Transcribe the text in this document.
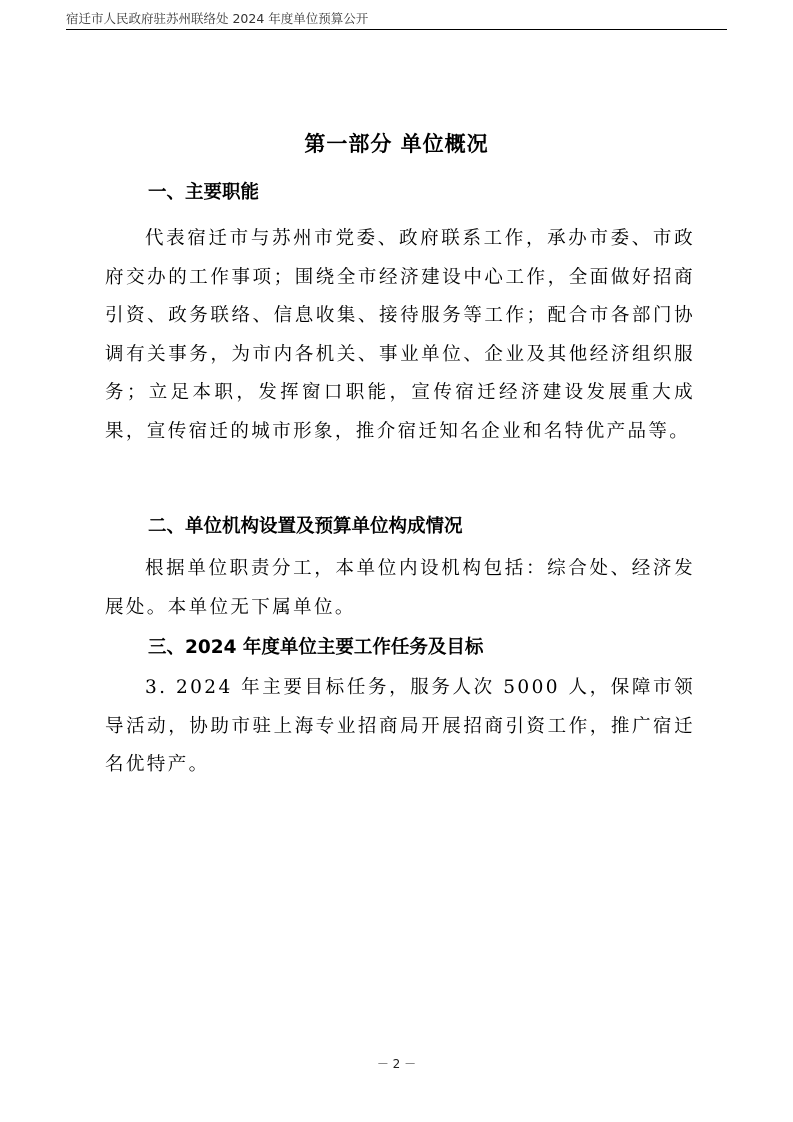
宿迁市人民政府驻苏州联络处 2024 年度单位预算公开
第一部分 单位概况
一、主要职能

代表宿迁市与苏州市党委、政府联系工作，承办市委、市政府交办的工作事项；围绕全市经济建设中心工作，全面做好招商引资、政务联络、信息收集、接待服务等工作；配合市各部门协调有关事务，为市内各机关、事业单位、企业及其他经济组织服务；立足本职，发挥窗口职能，宣传宿迁经济建设发展重大成果，宣传宿迁的城市形象，推介宿迁知名企业和名特优产品等。

二、单位机构设置及预算单位构成情况

根据单位职责分工，本单位内设机构包括：综合处、经济发展处。本单位无下属单位。

三、2024 年度单位主要工作任务及目标

3. 2024 年主要目标任务，服务人次 5000 人，保障市领导活动，协助市驻上海专业招商局开展招商引资工作，推广宿迁名优特产。

－ 2 －
